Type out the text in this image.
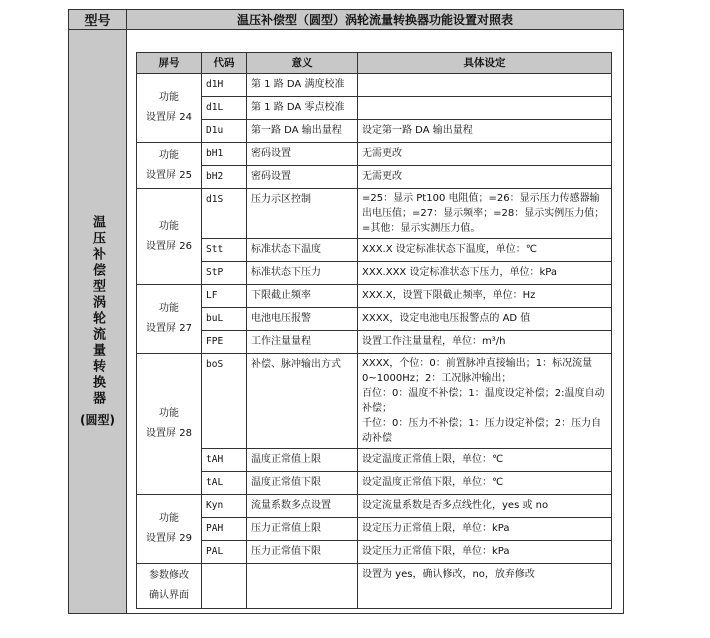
型号	温压补偿型（圆型）涡轮流量转换器功能设置对照表
温压补偿型涡轮流量转换器
(圆型)
屏号	代码	意义	具体设定
功能
设置屏 24	d1H	第 1 路 DA 满度校准	
	d1L	第 1 路 DA 零点校准	
	D1u	第一路 DA 输出量程	设定第一路 DA 输出量程
功能
设置屏 25	bH1	密码设置	无需更改
	bH2	密码设置	无需更改
功能
设置屏 26	d1S	压力示区控制	=25：显示 Pt100 电阻值；=26：显示压力传感器输出电压值；=27：显示频率；=28：显示实例压力值；=其他：显示实测压力值。
	Stt	标准状态下温度	XXX.X 设定标准状态下温度，单位：℃
	StP	标准状态下压力	XXX.XXX 设定标准状态下压力，单位：kPa
功能
设置屏 27	LF	下限截止频率	XXX.X，设置下限截止频率，单位：Hz
	buL	电池电压报警	XXXX，设定电池电压报警点的 AD 值
	FPE	工作注量量程	设置工作注量量程，单位：m³/h
功能
设置屏 28	boS	补偿、脉冲输出方式	XXXX，个位：0：前置脉冲直接输出；1：标况流量 0~1000Hz；2：工况脉冲输出；
百位：0：温度不补偿；1：温度设定补偿；2:温度自动补偿；
千位：0：压力不补偿；1：压力设定补偿；2：压力自动补偿
	tAH	温度正常值上限	设定温度正常值上限，单位：℃
	tAL	温度正常值下限	设定温度正常值下限，单位：℃
功能
设置屏 29	Kyn	流量系数多点设置	设定流量系数是否多点线性化，yes 或 no
	PAH	压力正常值上限	设定压力正常值上限，单位：kPa
	PAL	压力正常值下限	设定压力正常值下限，单位：kPa
参数修改
确认界面			设置为 yes，确认修改，no，放弃修改
